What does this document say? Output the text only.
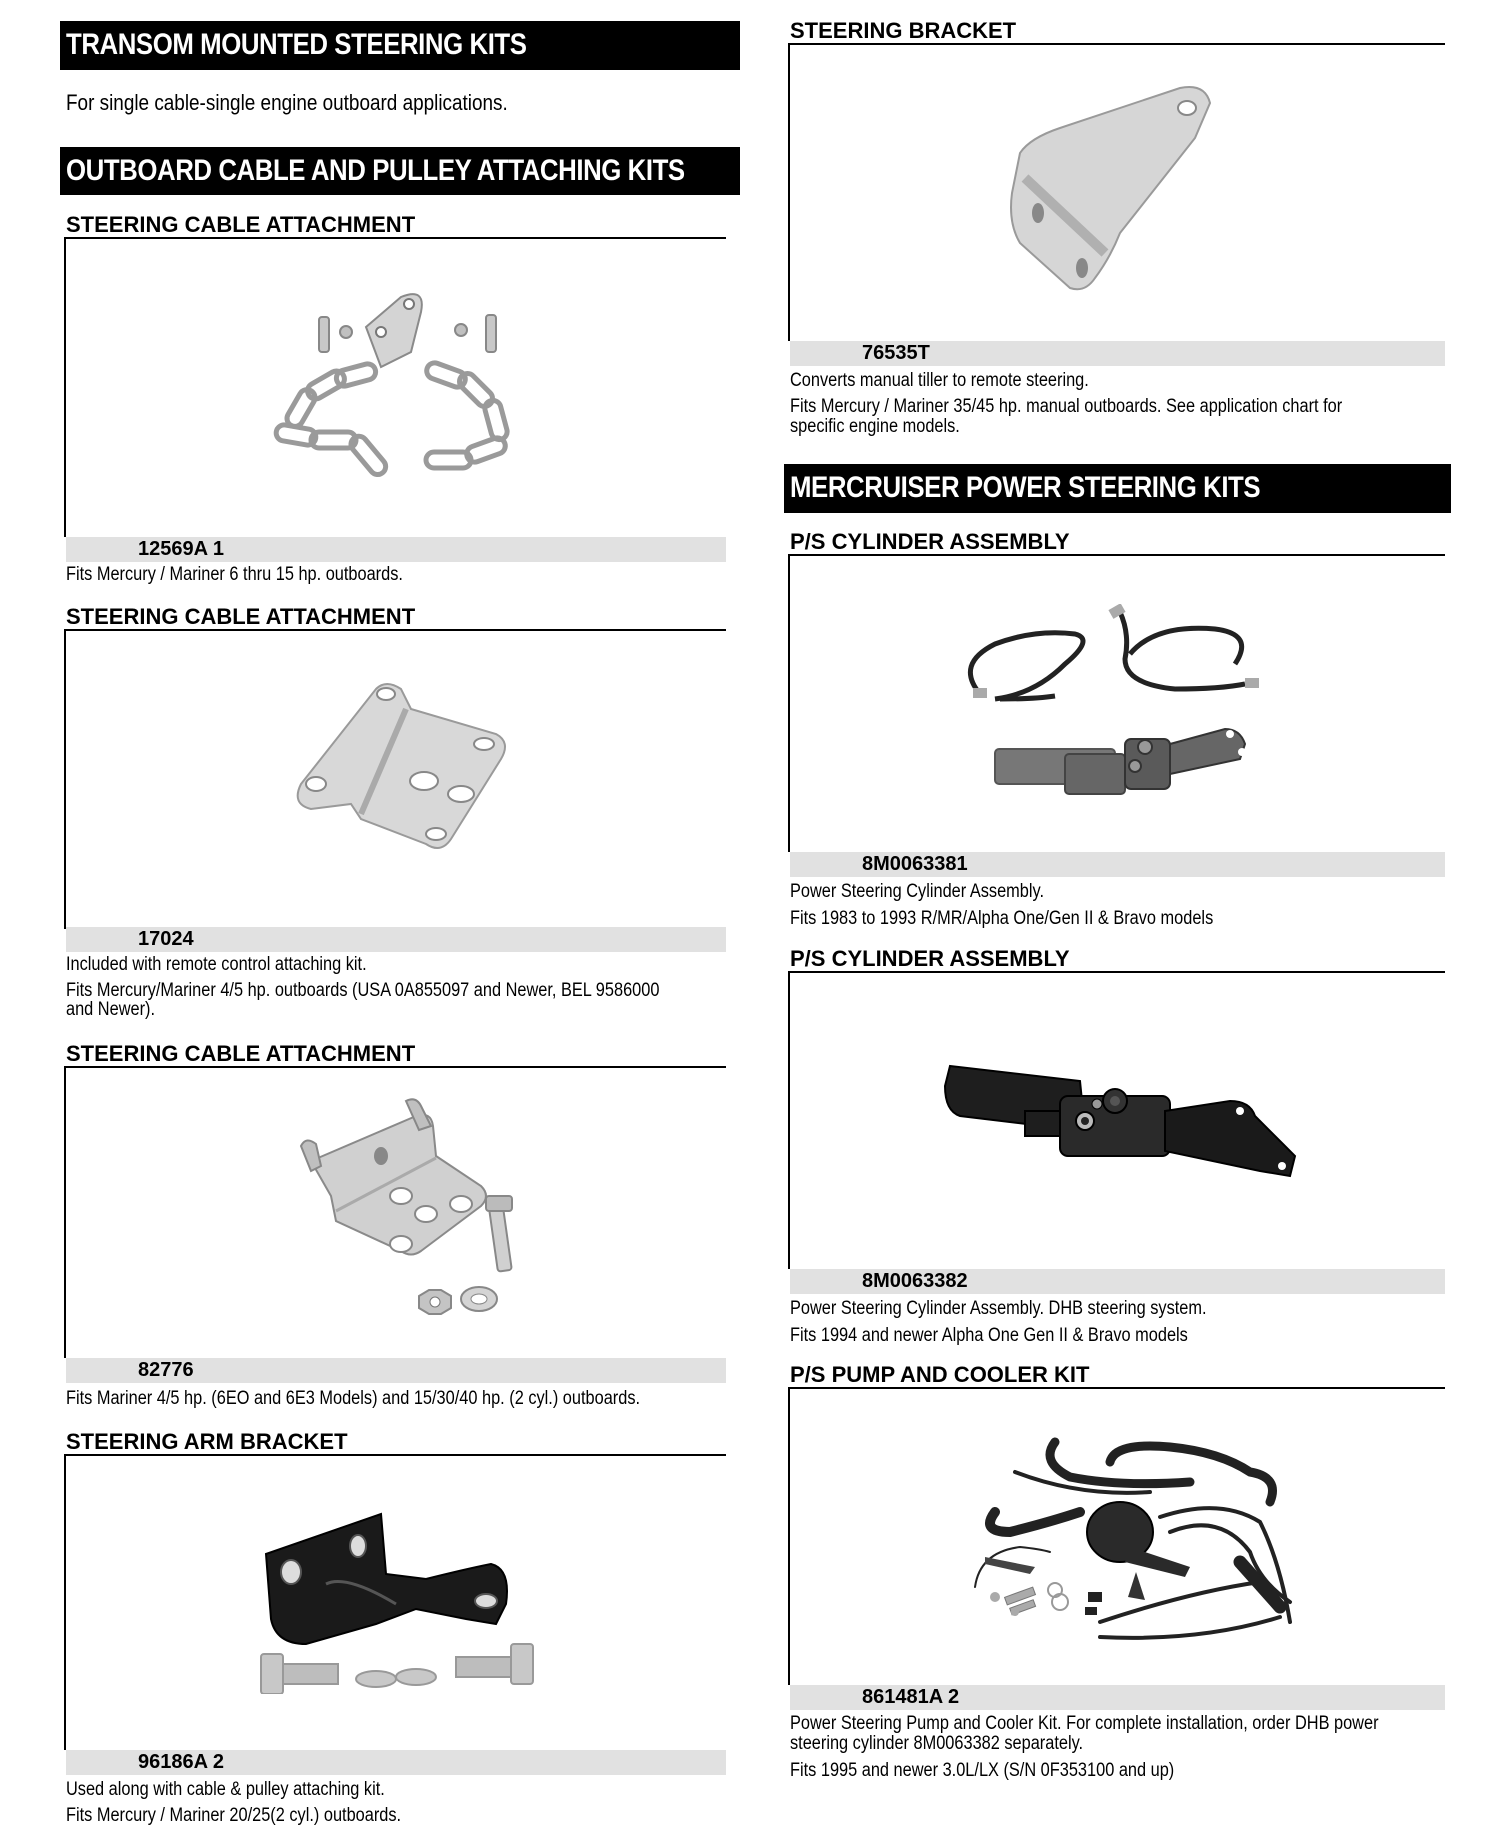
TRANSOM MOUNTED STEERING KITS
For single cable-single engine outboard applications.
OUTBOARD CABLE AND PULLEY ATTACHING KITS
STEERING CABLE ATTACHMENT
12569A 1
Fits Mercury / Mariner 6 thru 15 hp. outboards.
STEERING CABLE ATTACHMENT
17024
Included with remote control attaching kit.
Fits Mercury/Mariner 4/5 hp. outboards (USA 0A855097 and Newer, BEL 9586000
and Newer).
STEERING CABLE ATTACHMENT
82776
Fits Mariner 4/5 hp. (6EO and 6E3 Models) and 15/30/40 hp. (2 cyl.) outboards.
STEERING ARM BRACKET
96186A 2
Used along with cable & pulley attaching kit.
Fits Mercury / Mariner 20/25(2 cyl.) outboards.
STEERING BRACKET
76535T
Converts manual tiller to remote steering.
Fits Mercury / Mariner 35/45 hp. manual outboards. See application chart for
specific engine models.
MERCRUISER POWER STEERING KITS
P/S CYLINDER ASSEMBLY
8M0063381
Power Steering Cylinder Assembly.
Fits 1983 to 1993 R/MR/Alpha One/Gen II & Bravo models
P/S CYLINDER ASSEMBLY
8M0063382
Power Steering Cylinder Assembly. DHB steering system.
Fits 1994 and newer Alpha One Gen II & Bravo models
P/S PUMP AND COOLER KIT
861481A 2
Power Steering Pump and Cooler Kit. For complete installation, order DHB power
steering cylinder 8M0063382 separately.
Fits 1995 and newer 3.0L/LX (S/N 0F353100 and up)
